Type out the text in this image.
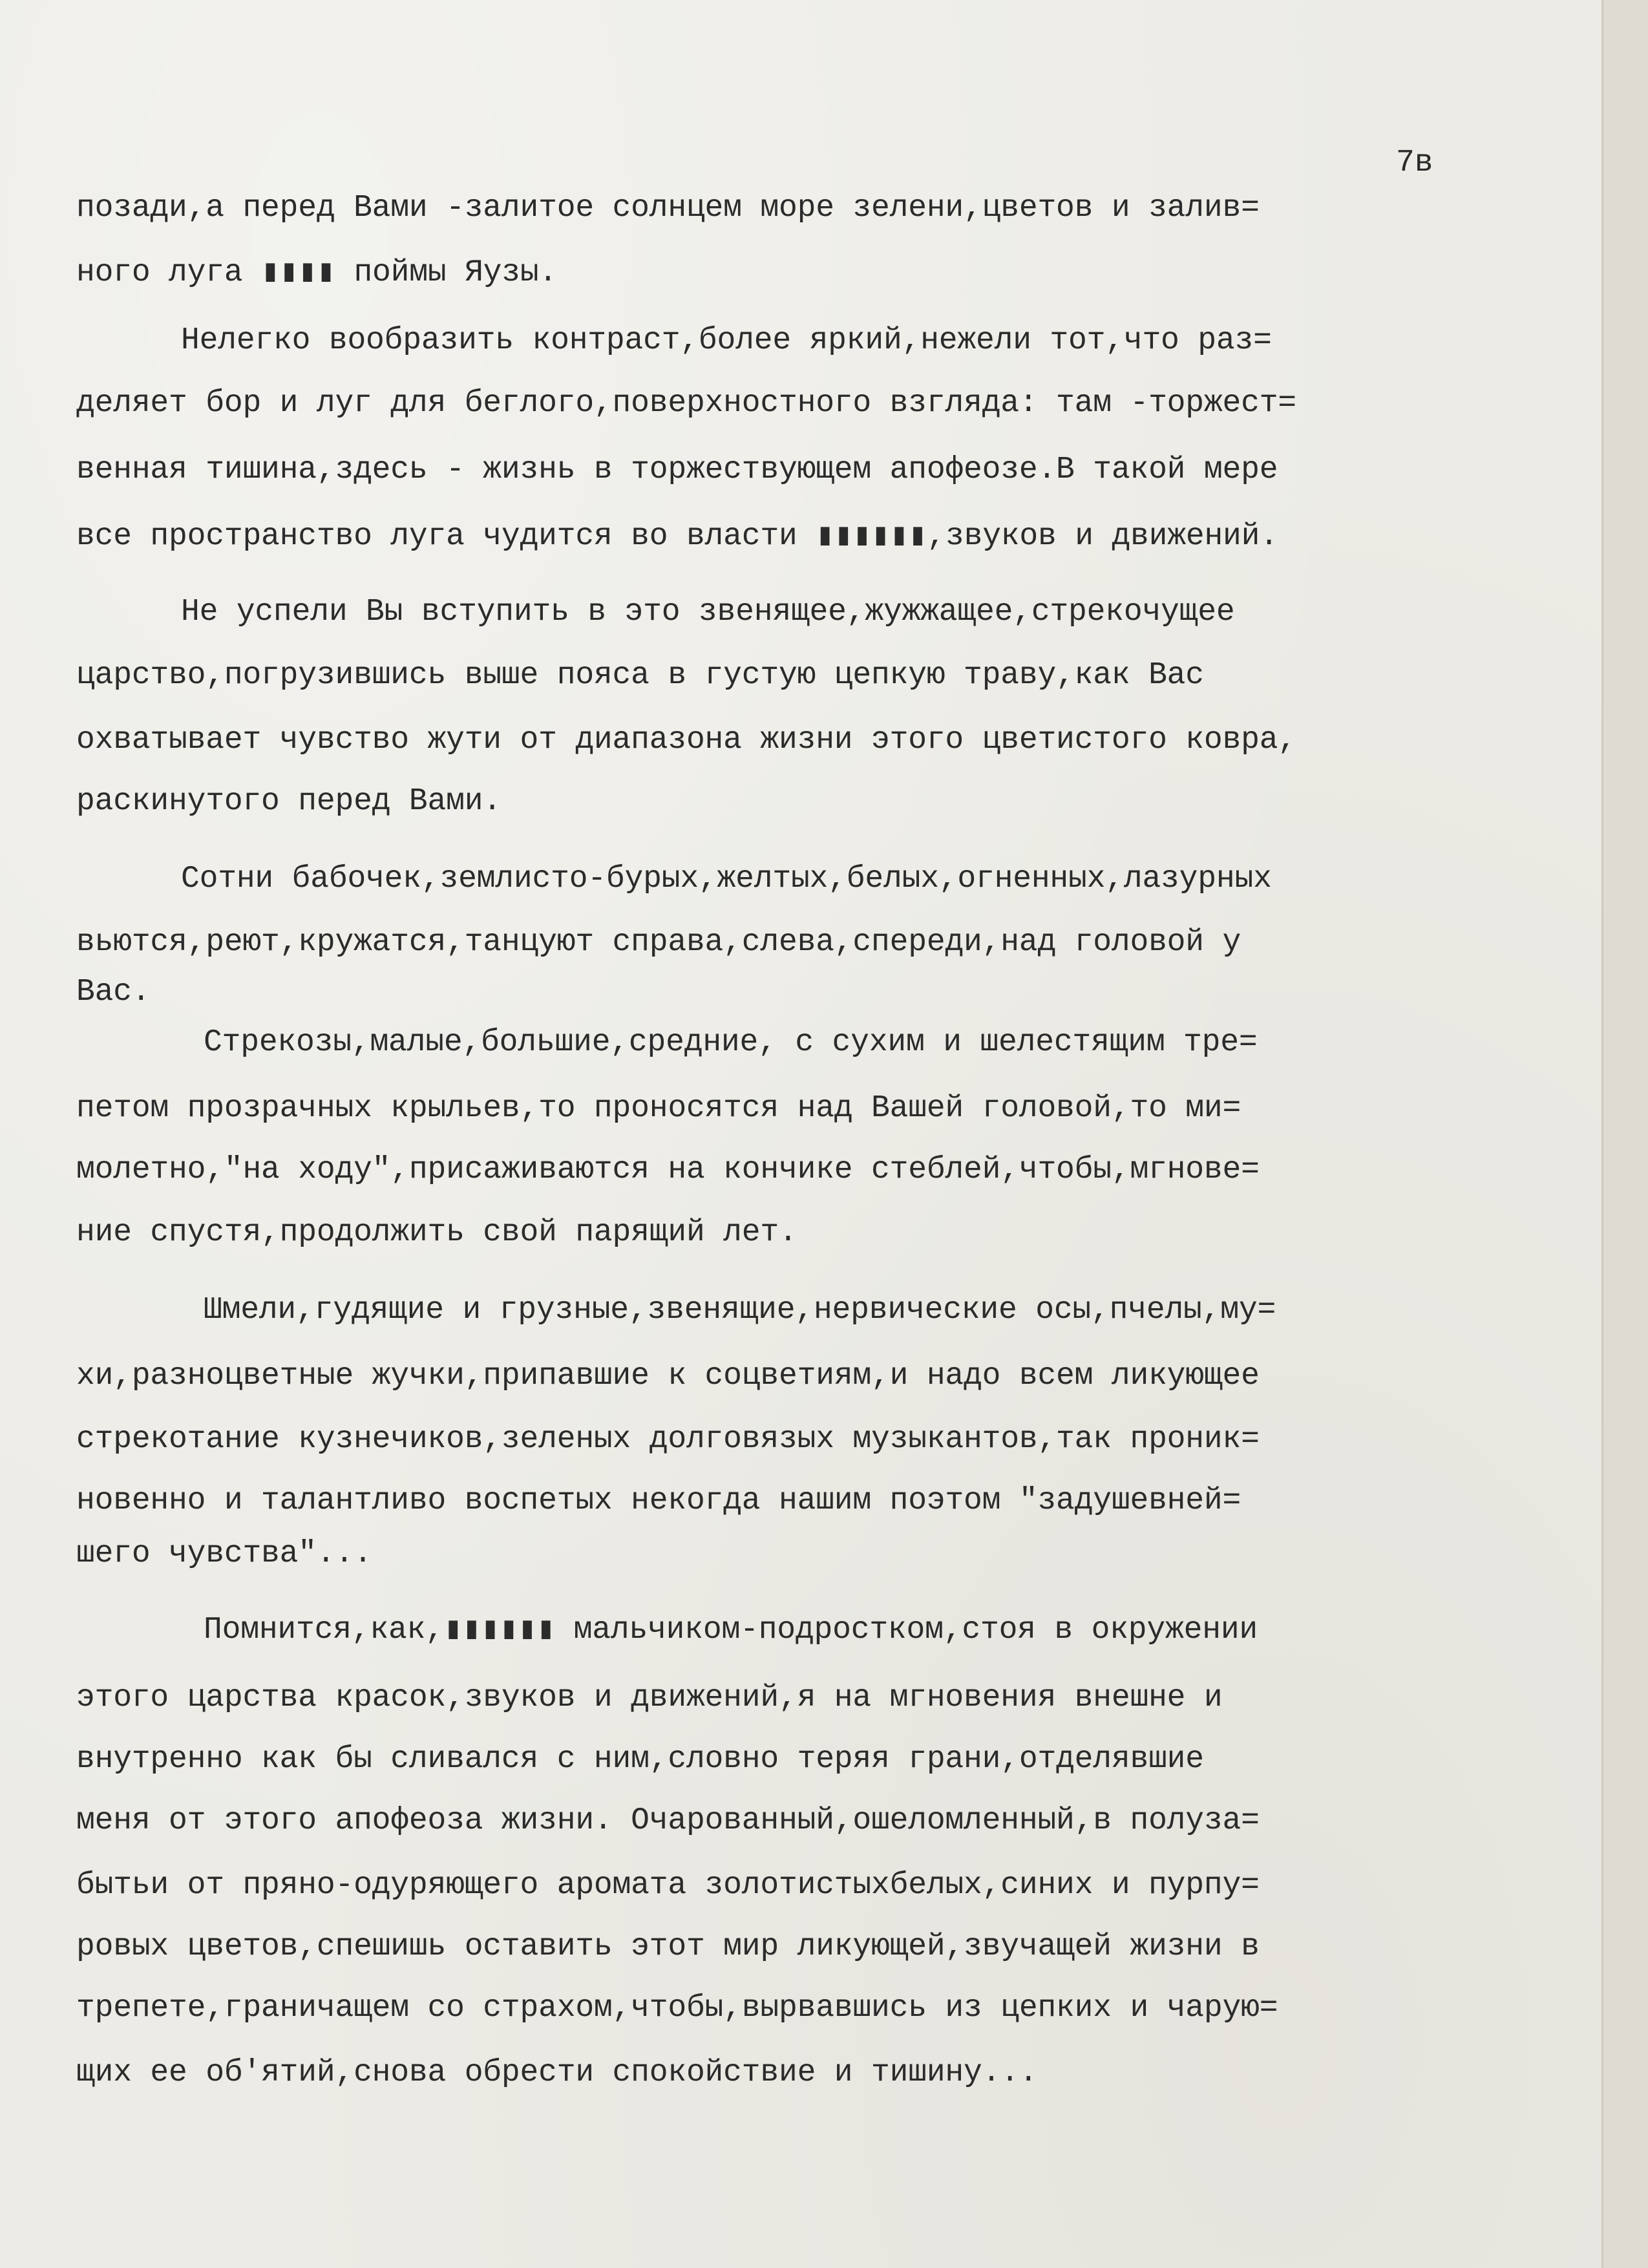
7в
позади,а перед Вами -залитое солнцем море зелени,цветов и залив=
ного луга ▮▮▮▮ поймы Яузы.
Нелегко вообразить контраст,более яркий,нежели тот,что раз=
деляет бор и луг для беглого,поверхностного взгляда: там -торжест=
венная тишина,здесь - жизнь в торжествующем апофеозе.В такой мере
все пространство луга чудится во власти ▮▮▮▮▮▮,звуков и движений.
Не успели Вы вступить в это звенящее,жужжащее,стрекочущее
царство,погрузившись выше пояса в густую цепкую траву,как Вас
охватывает чувство жути от диапазона жизни этого цветистого ковра,
раскинутого перед Вами.
Сотни бабочек,землисто-бурых,желтых,белых,огненных,лазурных
вьются,реют,кружатся,танцуют справа,слева,спереди,над головой у
Вас.
Стрекозы,малые,большие,средние, с сухим и шелестящим тре=
петом прозрачных крыльев,то проносятся над Вашей головой,то ми=
молетно,"на ходу",присаживаются на кончике стеблей,чтобы,мгнове=
ние спустя,продолжить свой парящий лет.
Шмели,гудящие и грузные,звенящие,нервические осы,пчелы,му=
хи,разноцветные жучки,припавшие к соцветиям,и надо всем ликующее
стрекотание кузнечиков,зеленых долговязых музыкантов,так проник=
новенно и талантливо воспетых некогда нашим поэтом "задушевней=
шего чувства"...
Помнится,как,▮▮▮▮▮▮ мальчиком-подростком,стоя в окружении
этого царства красок,звуков и движений,я на мгновения внешне и
внутренно как бы сливался с ним,словно теряя грани,отделявшие
меня от этого апофеоза жизни. Очарованный,ошеломленный,в полуза=
бытьи от пряно-одуряющего аромата золотистыхбелых,синих и пурпу=
ровых цветов,спешишь оставить этот мир ликующей,звучащей жизни в
трепете,граничащем со страхом,чтобы,вырвавшись из цепких и чарую=
щих ее об'ятий,снова обрести спокойствие и тишину...
